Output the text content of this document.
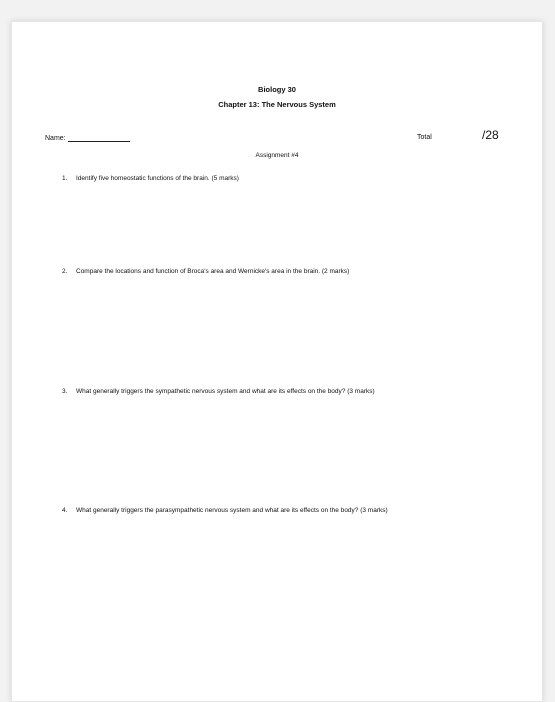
Biology 30
Chapter 13: The Nervous System
Name:	Total	/28
Assignment #4
1. Identify five homeostatic functions of the brain. (5 marks)
2. Compare the locations and function of Broca's area and Wernicke's area in the brain. (2 marks)
3. What generally triggers the sympathetic nervous system and what are its effects on the body? (3 marks)
4. What generally triggers the parasympathetic nervous system and what are its effects on the body? (3 marks)
